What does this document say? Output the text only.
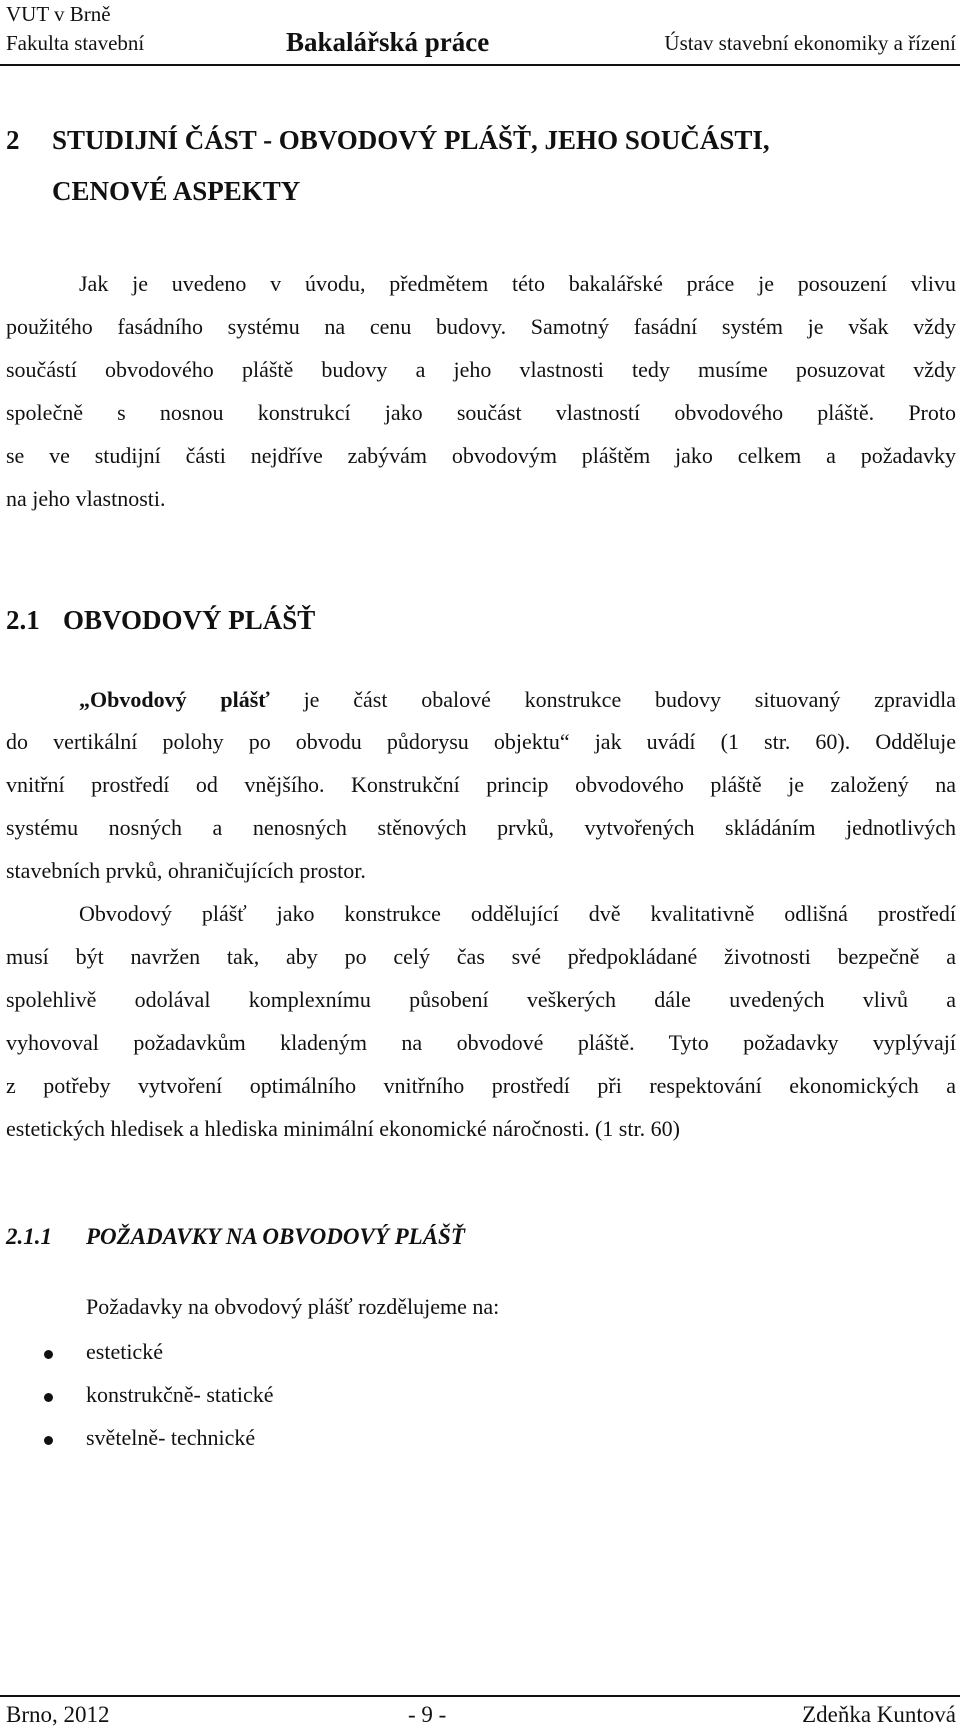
VUT v Brně
Fakulta stavební	Bakalářská práce	Ústav stavební ekonomiky a řízení
2 STUDIJNÍ ČÁST - OBVODOVÝ PLÁŠŤ, JEHO SOUČÁSTI,
CENOVÉ ASPEKTY
Jak je uvedeno v úvodu, předmětem této bakalářské práce je posouzení vlivu
použitého fasádního systému na cenu budovy. Samotný fasádní systém je však vždy
součástí obvodového pláště budovy a jeho vlastnosti tedy musíme posuzovat vždy
společně s nosnou konstrukcí jako součást vlastností obvodového pláště. Proto
se ve studijní části nejdříve zabývám obvodovým pláštěm jako celkem a požadavky
na jeho vlastnosti.
2.1 OBVODOVÝ PLÁŠŤ
„Obvodový plášť je část obalové konstrukce budovy situovaný zpravidla
do vertikální polohy po obvodu půdorysu objektu“ jak uvádí (1 str. 60). Odděluje
vnitřní prostředí od vnějšího. Konstrukční princip obvodového pláště je založený na
systému nosných a nenosných stěnových prvků, vytvořených skládáním jednotlivých
stavebních prvků, ohraničujících prostor.
Obvodový plášť jako konstrukce oddělující dvě kvalitativně odlišná prostředí
musí být navržen tak, aby po celý čas své předpokládané životnosti bezpečně a
spolehlivě odolával komplexnímu působení veškerých dále uvedených vlivů a
vyhovoval požadavkům kladeným na obvodové pláště. Tyto požadavky vyplývají
z potřeby vytvoření optimálního vnitřního prostředí při respektování ekonomických a
estetických hledisek a hlediska minimální ekonomické náročnosti. (1 str. 60)
2.1.1 POŽADAVKY NA OBVODOVÝ PLÁŠŤ
Požadavky na obvodový plášť rozdělujeme na:
estetické
konstrukčně- statické
světelně- technické
Brno, 2012	- 9 -	Zdeňka Kuntová
